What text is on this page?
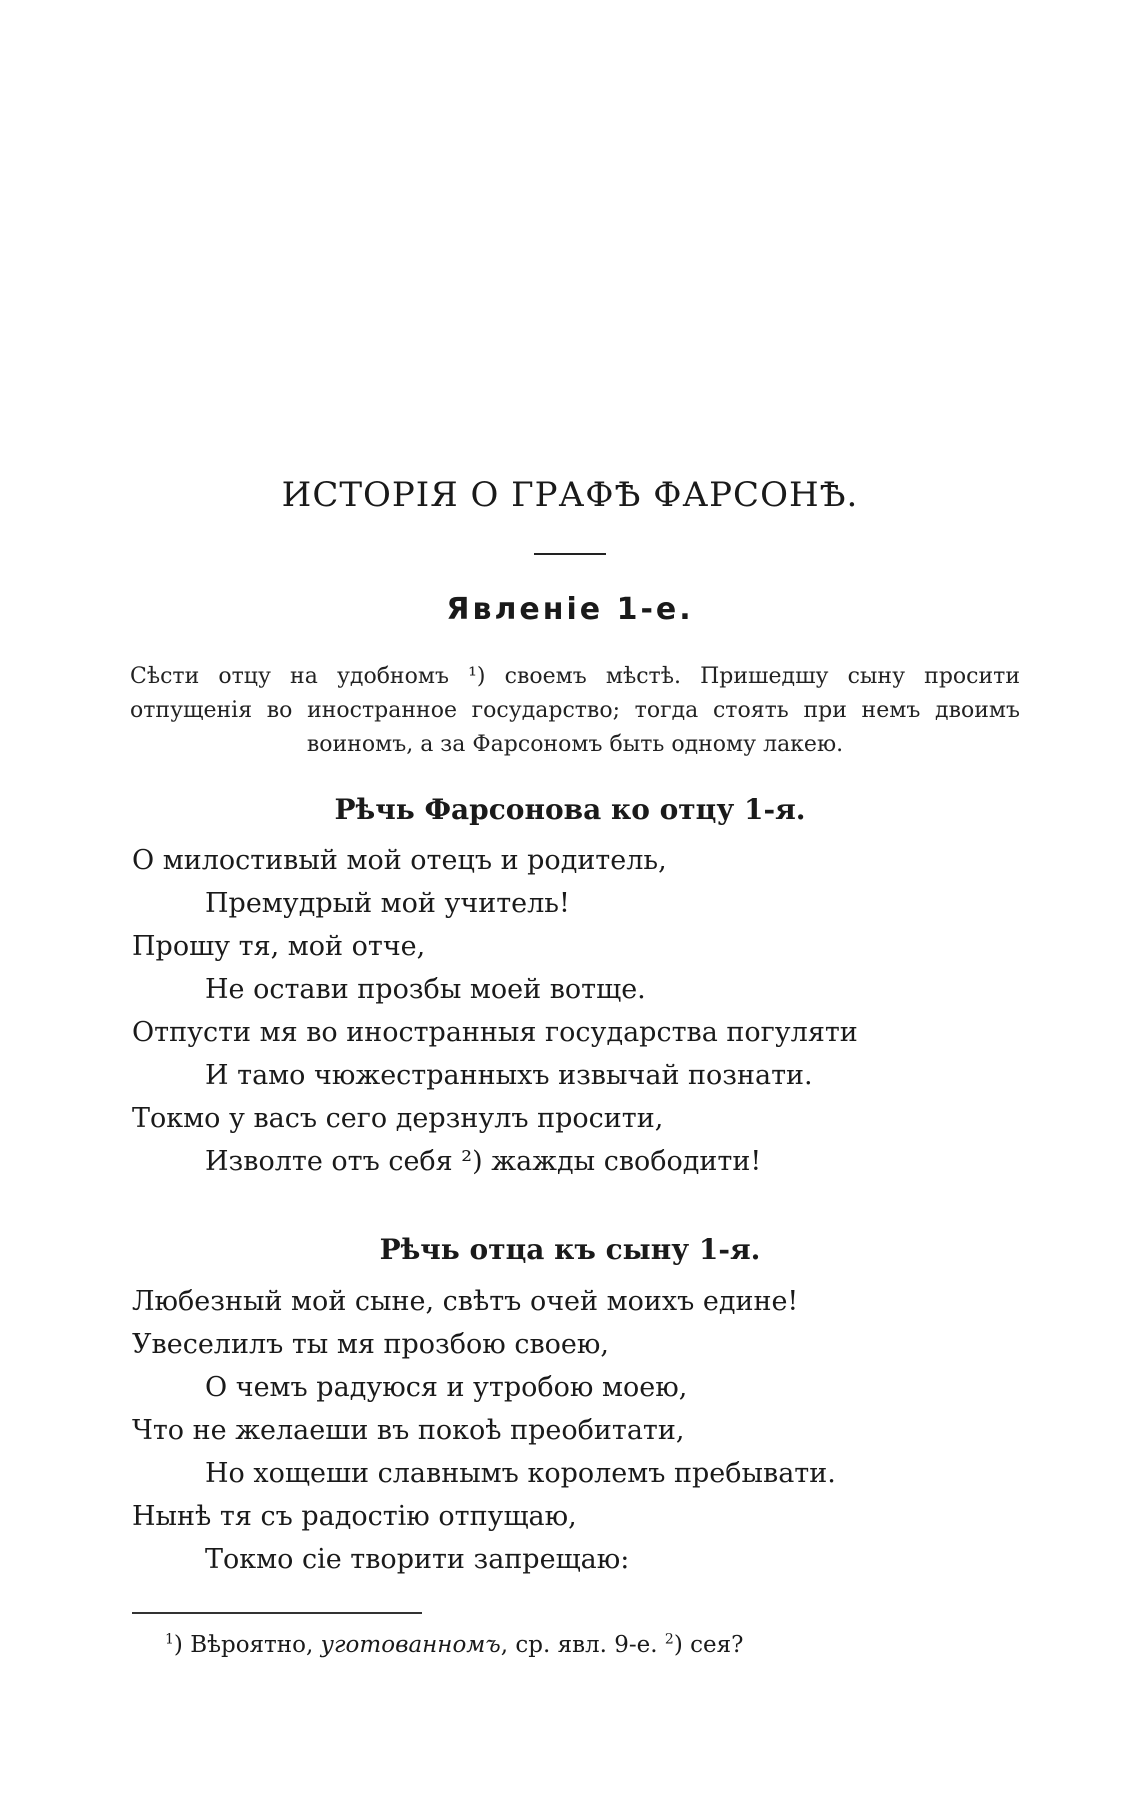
ИСТОРІЯ О ГРАФѢ ФАРСОНѢ.
Явленіе 1-е.

Сѣсти отцу на удобномъ ¹) своемъ мѣстѣ. Пришедшу сыну просити отпущенія во иностранное государство; тогда стоять при немъ двоимъ воиномъ, а за Фарсономъ быть одному лакею.

Рѣчь Фарсонова ко отцу 1-я.

О милостивый мой отецъ и родитель,

Премудрый мой учитель!

Прошу тя, мой отче,

Не остави прозбы моей вотще.

Отпусти мя во иностранныя государства погуляти

И тамо чюжестранныхъ извычай познати.

Токмо у васъ сего дерзнулъ просити,

Изволте отъ себя ²) жажды свободити!

Рѣчь отца къ сыну 1-я.

Любезный мой сыне, свѣтъ очей моихъ едине!

Увеселилъ ты мя прозбою своею,

О чемъ радуюся и утробою моею,

Что не желаеши въ покоѣ преобитати,

Но хощеши славнымъ королемъ пребывати.

Нынѣ тя съ радостію отпущаю,

Токмо сіе творити запрещаю:

$^1$) Вѣроятно, уготованномъ, ср. явл. 9-е. $^2$) сея?
